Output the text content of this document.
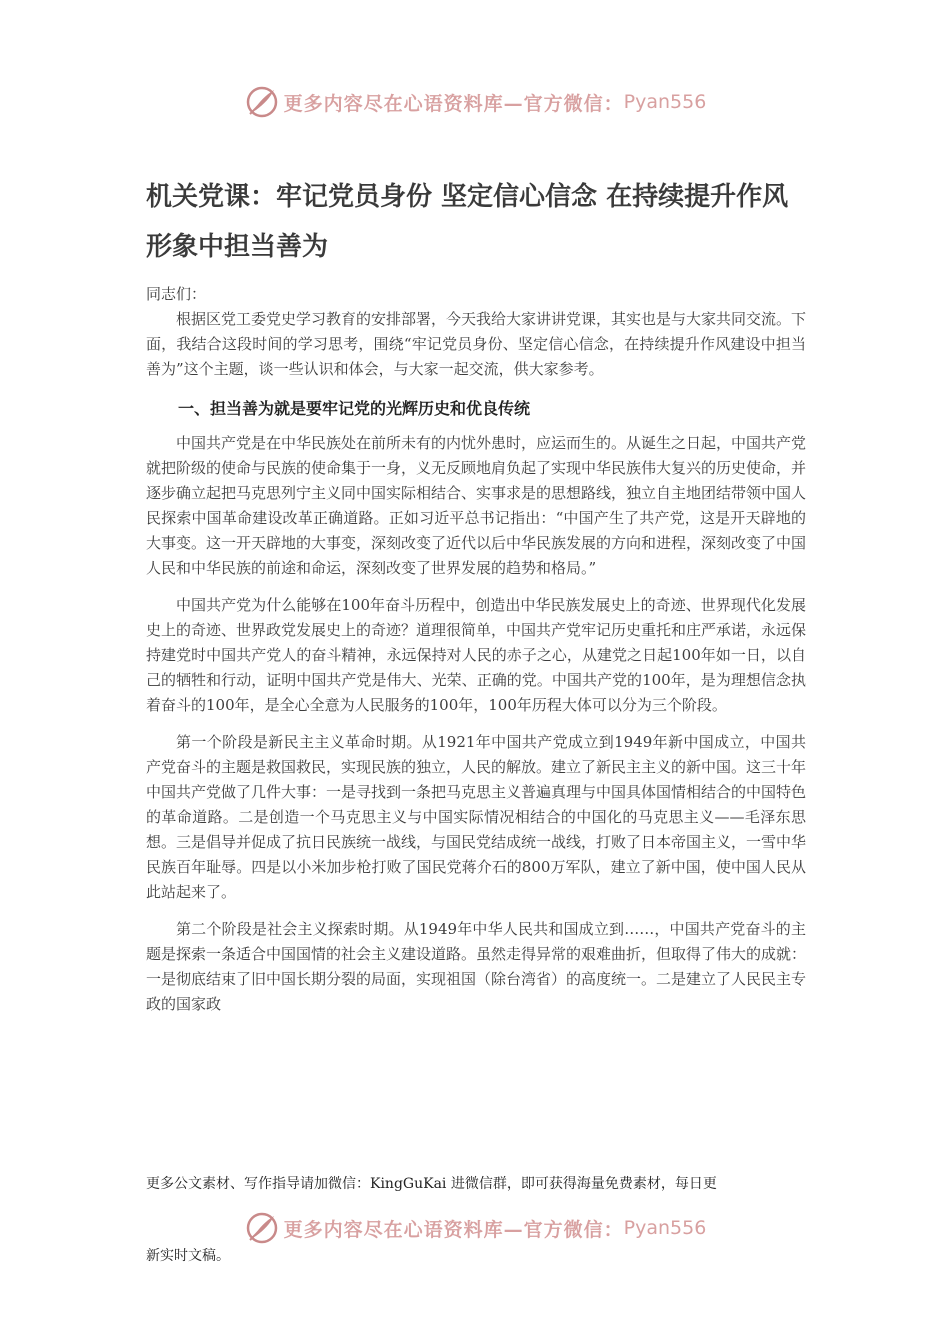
更多内容尽在心语资料库—官方微信： Pyan556
机关党课：牢记党员身份 坚定信心信念 在持续提升作风形象中担当善为

同志们：

根据区党工委党史学习教育的安排部署，今天我给大家讲讲党课，其实也是与大家共同交流。下面，我结合这段时间的学习思考，围绕“牢记党员身份、坚定信心信念，在持续提升作风建设中担当善为”这个主题，谈一些认识和体会，与大家一起交流，供大家参考。

一、担当善为就是要牢记党的光辉历史和优良传统

中国共产党是在中华民族处在前所未有的内忧外患时，应运而生的。从诞生之日起，中国共产党就把阶级的使命与民族的使命集于一身，义无反顾地肩负起了实现中华民族伟大复兴的历史使命，并逐步确立起把马克思列宁主义同中国实际相结合、实事求是的思想路线，独立自主地团结带领中国人民探索中国革命建设改革正确道路。正如习近平总书记指出：“中国产生了共产党，这是开天辟地的大事变。这一开天辟地的大事变，深刻改变了近代以后中华民族发展的方向和进程，深刻改变了中国人民和中华民族的前途和命运，深刻改变了世界发展的趋势和格局。”

中国共产党为什么能够在100年奋斗历程中，创造出中华民族发展史上的奇迹、世界现代化发展史上的奇迹、世界政党发展史上的奇迹？道理很简单，中国共产党牢记历史重托和庄严承诺，永远保持建党时中国共产党人的奋斗精神，永远保持对人民的赤子之心，从建党之日起100年如一日，以自己的牺牲和行动，证明中国共产党是伟大、光荣、正确的党。中国共产党的100年，是为理想信念执着奋斗的100年，是全心全意为人民服务的100年，100年历程大体可以分为三个阶段。

第一个阶段是新民主主义革命时期。从1921年中国共产党成立到1949年新中国成立，中国共产党奋斗的主题是救国救民，实现民族的独立，人民的解放。建立了新民主主义的新中国。这三十年中国共产党做了几件大事：一是寻找到一条把马克思主义普遍真理与中国具体国情相结合的中国特色的革命道路。二是创造一个马克思主义与中国实际情况相结合的中国化的马克思主义——毛泽东思想。三是倡导并促成了抗日民族统一战线，与国民党结成统一战线，打败了日本帝国主义，一雪中华民族百年耻辱。四是以小米加步枪打败了国民党蒋介石的800万军队，建立了新中国，使中国人民从此站起来了。

第二个阶段是社会主义探索时期。从1949年中华人民共和国成立到……，中国共产党奋斗的主题是探索一条适合中国国情的社会主义建设道路。虽然走得异常的艰难曲折，但取得了伟大的成就：一是彻底结束了旧中国长期分裂的局面，实现祖国（除台湾省）的高度统一。二是建立了人民民主专政的国家政

更多公文素材、写作指导请加微信：KingGuKai 进微信群，即可获得海量免费素材，每日更
更多内容尽在心语资料库—官方微信： Pyan556
新实时文稿。
